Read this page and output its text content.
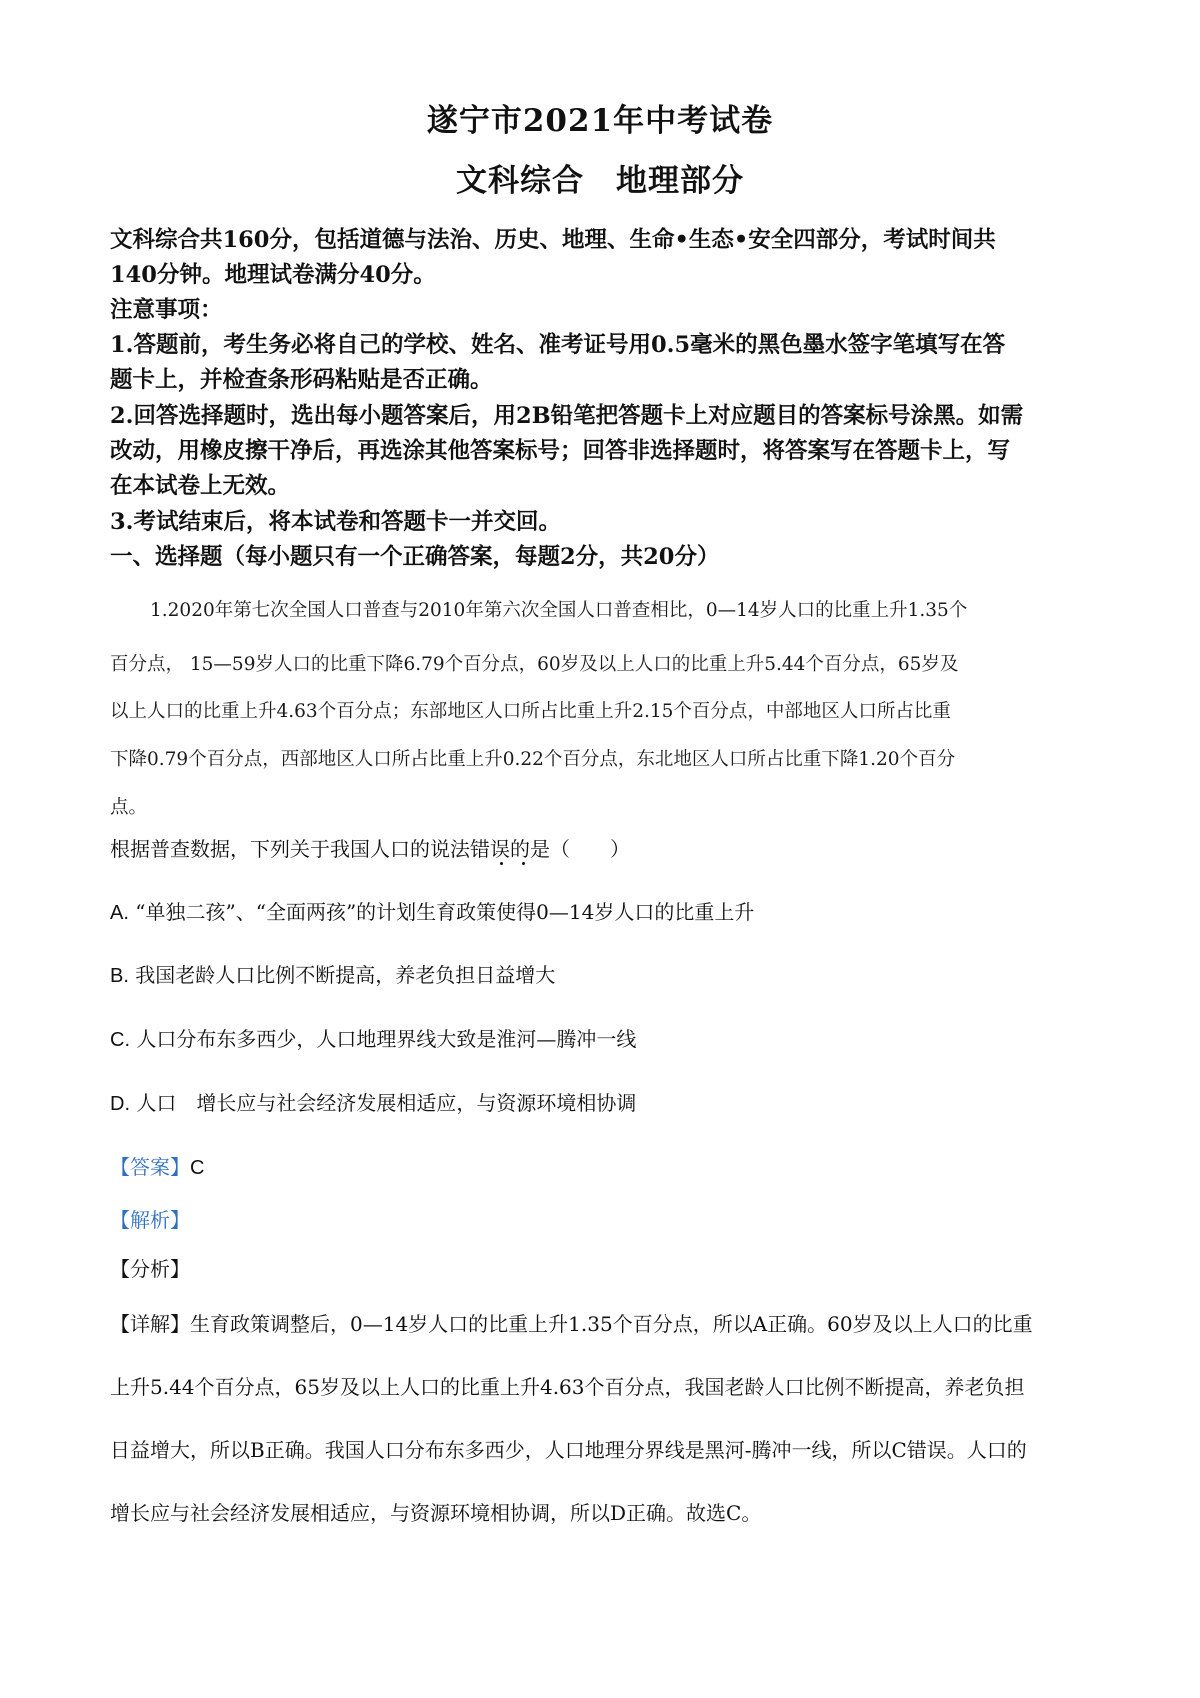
遂宁市2021年中考试卷
文科综合　地理部分
文科综合共160分，包括道德与法治、历史、地理、生命•生态•安全四部分，考试时间共
140分钟。地理试卷满分40分。
注意事项：
1.答题前，考生务必将自己的学校、姓名、准考证号用0.5毫米的黑色墨水签字笔填写在答
题卡上，并检查条形码粘贴是否正确。
2.回答选择题时，选出每小题答案后，用2B铅笔把答题卡上对应题目的答案标号涂黑。如需
改动，用橡皮擦干净后，再选涂其他答案标号；回答非选择题时，将答案写在答题卡上，写
在本试卷上无效。
3.考试结束后，将本试卷和答题卡一并交回。
一、选择题（每小题只有一个正确答案，每题2分，共20分）
1.2020年第七次全国人口普查与2010年第六次全国人口普查相比，0—14岁人口的比重上升1.35个
百分点， 15—59岁人口的比重下降6.79个百分点，60岁及以上人口的比重上升5.44个百分点，65岁及
以上人口的比重上升4.63个百分点；东部地区人口所占比重上升2.15个百分点，中部地区人口所占比重
下降0.79个百分点，西部地区人口所占比重上升0.22个百分点，东北地区人口所占比重下降1.20个百分
点。
根据普查数据，下列关于我国人口的说法错误的是（　　）
A. “单独二孩”、“全面两孩”的计划生育政策使得0—14岁人口的比重上升
B. 我国老龄人口比例不断提高，养老负担日益增大
C. 人口分布东多西少，人口地理界线大致是淮河—腾冲一线
D. 人口　增长应与社会经济发展相适应，与资源环境相协调
【答案】C
【解析】
【分析】
【详解】生育政策调整后，0—14岁人口的比重上升1.35个百分点，所以A正确。60岁及以上人口的比重
上升5.44个百分点，65岁及以上人口的比重上升4.63个百分点，我国老龄人口比例不断提高，养老负担
日益增大，所以B正确。我国人口分布东多西少，人口地理分界线是黑河-腾冲一线，所以C错误。人口的
增长应与社会经济发展相适应，与资源环境相协调，所以D正确。故选C。
